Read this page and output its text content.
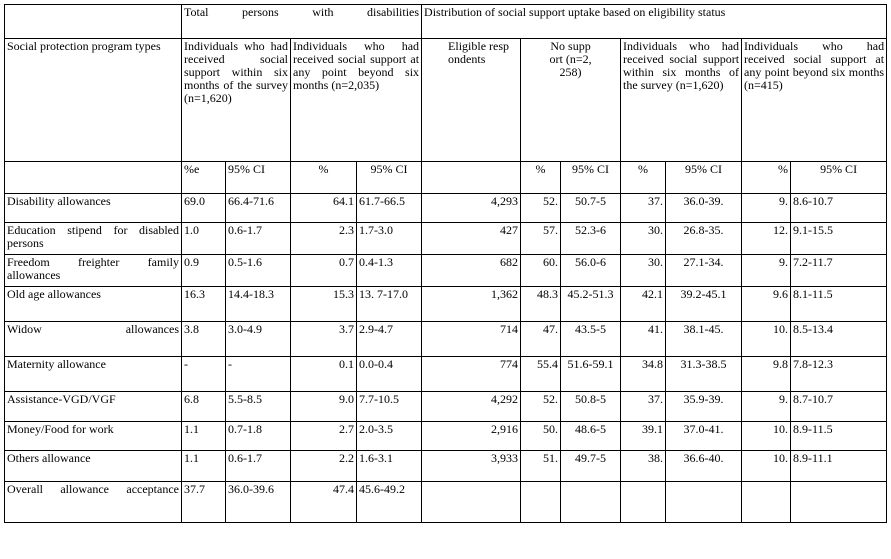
	Total persons with disabilities				Distribution of social support uptake based on eligibility status						
Social protection program types	Individuals who had received social support within six months of the survey (n=1,620)		Individuals who had received social support at any point beyond six months (n=2,035)		Eligible respondents	No support (n=2,258)		Individuals who had received social support within six months of the survey (n=1,620)		Individuals who had received social support at any point beyond six months (n=415)	
	%e	95% CI	%	95% CI		%	95% CI	%	95% CI	%	95% CI
Disability allowances	69.0	66.4-71.6	64.1	61.7-66.5	4,293	52.	50.7-5	37.	36.0-39.	9.	8.6-10.7
Education stipend for disabled persons	1.0	0.6-1.7	2.3	1.7-3.0	427	57.	52.3-6	30.	26.8-35.	12.	9.1-15.5
Freedom freighter family allowances	0.9	0.5-1.6	0.7	0.4-1.3	682	60.	56.0-6	30.	27.1-34.	9.	7.2-11.7
Old age allowances	16.3	14.4-18.3	15.3	13. 7-17.0	1,362	48.3	45.2-51.3	42.1	39.2-45.1	9.6	8.1-11.5
Widow allowances	3.8	3.0-4.9	3.7	2.9-4.7	714	47.	43.5-5	41.	38.1-45.	10.	8.5-13.4
Maternity allowance	-	-	0.1	0.0-0.4	774	55.4	51.6-59.1	34.8	31.3-38.5	9.8	7.8-12.3
Assistance-VGD/VGF	6.8	5.5-8.5	9.0	7.7-10.5	4,292	52.	50.8-5	37.	35.9-39.	9.	8.7-10.7
Money/Food for work	1.1	0.7-1.8	2.7	2.0-3.5	2,916	50.	48.6-5	39.1	37.0-41.	10.	8.9-11.5
Others allowance	1.1	0.6-1.7	2.2	1.6-3.1	3,933	51.	49.7-5	38.	36.6-40.	10.	8.9-11.1
Overall allowance acceptance	37.7	36.0-39.6	47.4	45.6-49.2							
